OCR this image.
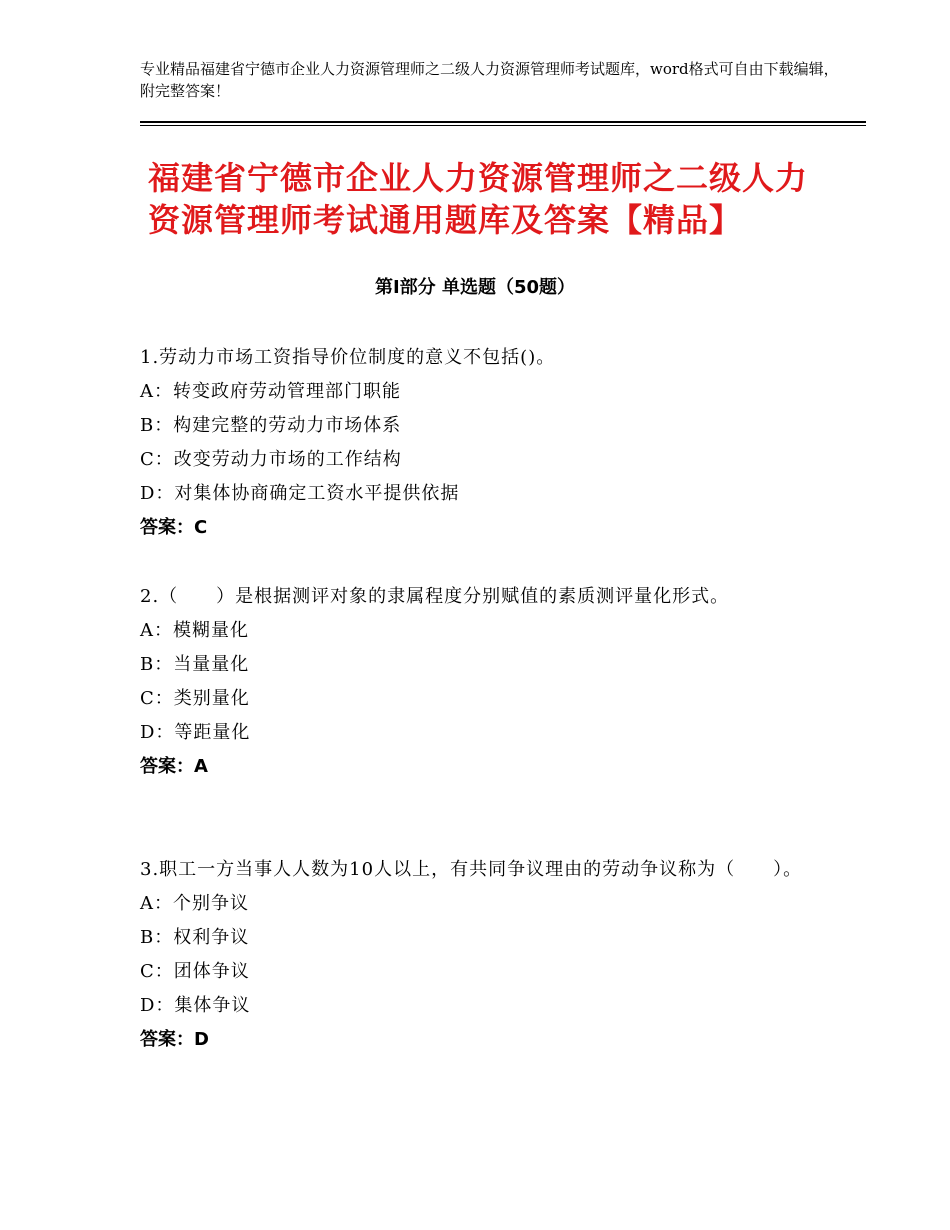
专业精品福建省宁德市企业人力资源管理师之二级人力资源管理师考试题库，word格式可自由下载编辑，附完整答案！
福建省宁德市企业人力资源管理师之二级人力资源管理师考试通用题库及答案【精品】
第Ⅰ部分 单选题（50题）

1.劳动力市场工资指导价位制度的意义不包括()。

A：转变政府劳动管理部门职能

B：构建完整的劳动力市场体系

C：改变劳动力市场的工作结构

D：对集体协商确定工资水平提供依据

答案：C

2.（　　）是根据测评对象的隶属程度分别赋值的素质测评量化形式。

A：模糊量化

B：当量量化

C：类别量化

D：等距量化

答案：A

3.职工一方当事人人数为10人以上，有共同争议理由的劳动争议称为（　　）。

A：个别争议

B：权利争议

C：团体争议

D：集体争议

答案：D
